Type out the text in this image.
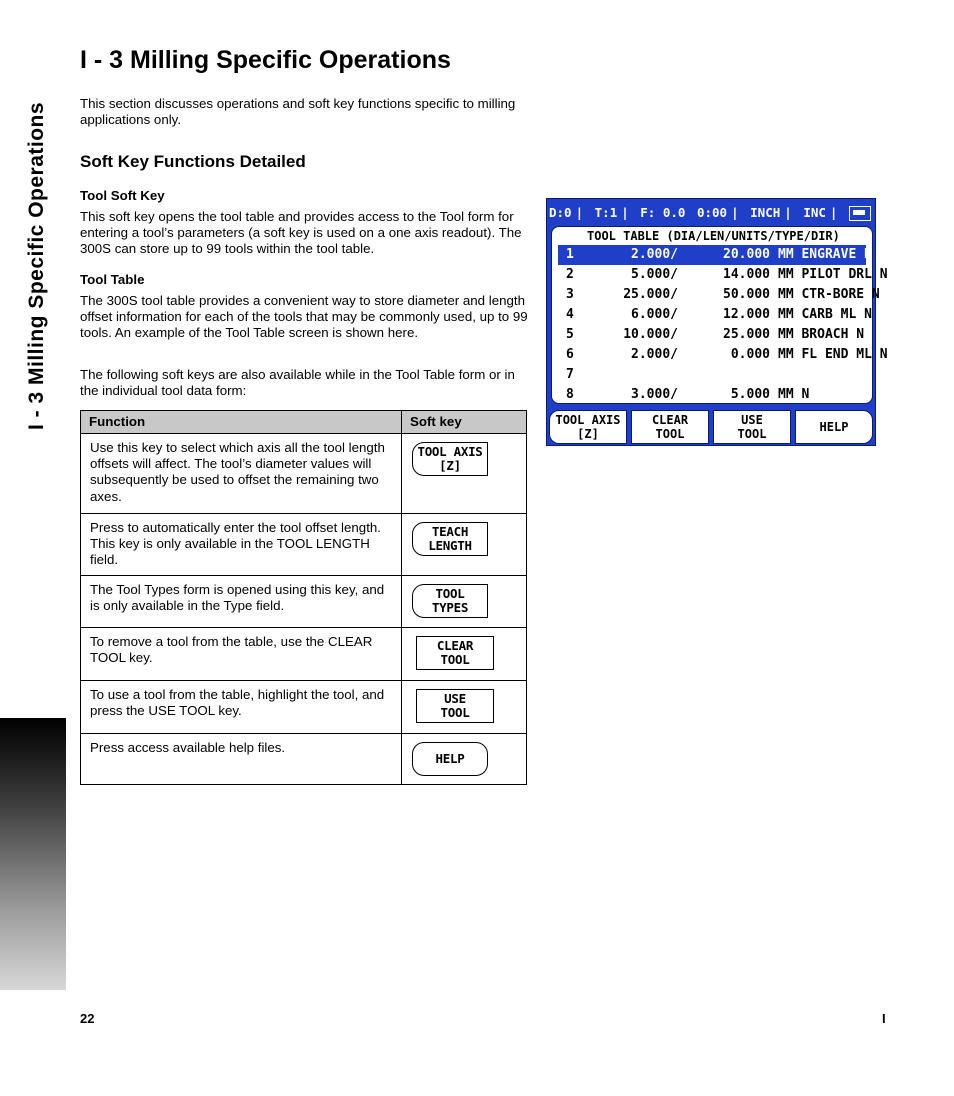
I - 3 Milling Specific Operations
I - 3 Milling Specific Operations

This section discusses operations and soft key functions specific to milling applications only.

Soft Key Functions Detailed
Tool Soft Key

This soft key opens the tool table and provides access to the Tool form for entering a tool’s parameters (a soft key is used on a one axis readout). The 300S can store up to 99 tools within the tool table.

Tool Table

The 300S tool table provides a convenient way to store diameter and length offset information for each of the tools that may be commonly used, up to 99 tools. An example of the Tool Table screen is shown here.

The following soft keys are also available while in the Tool Table form or in the individual tool data form:

Function	Soft key
Use this key to select which axis all the tool length offsets will affect. The tool’s diameter values will subsequently be used to offset the remaining two axes.	TOOL AXIS
[Z]

Press to automatically enter the tool offset length. This key is only available in the TOOL LENGTH field.	TEACH
LENGTH

The Tool Types form is opened using this key, and is only available in the Type field.	TOOL
TYPES

To remove a tool from the table, use the CLEAR TOOL key.	CLEAR
TOOL

To use a tool from the table, highlight the tool, and press the USE TOOL key.	USE
TOOL

Press access available help files.	HELP
D:0 | T:1 | F: 0.0 0:00 | INCH | INC |
TOOL TABLE (DIA/LEN/UNITS/TYPE/DIR)
1	2.000/	20.000 MM ENGRAVE N
2	5.000/	14.000 MM PILOT DRL N
3	25.000/	50.000 MM CTR-BORE N
4	6.000/	12.000 MM CARB ML N
5	10.000/	25.000 MM BROACH N
6	2.000/	0.000 MM FL END ML N
7
8	3.000/	5.000 MM N
TOOL AXIS
[Z]
CLEAR
TOOL
USE
TOOL	HELP
22	I
